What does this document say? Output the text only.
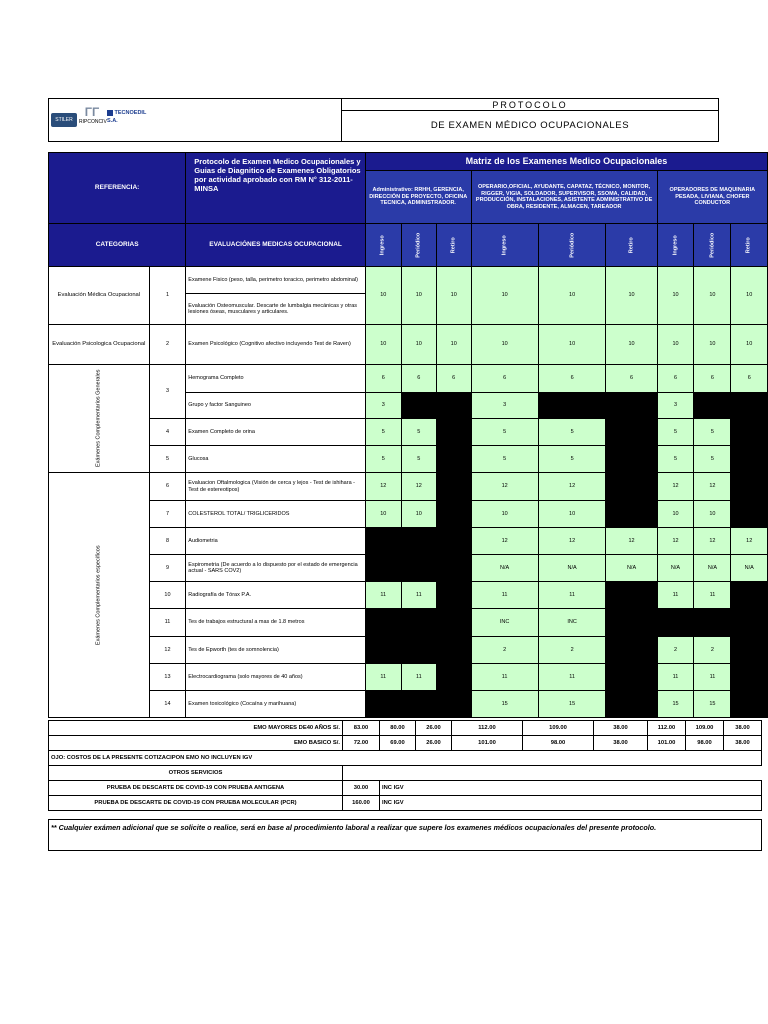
STILER
ΓΓ
RIPCONCIV
TECNOEDIL S.A.
PROTOCOLO
DE EXAMEN MÉDICO OCUPACIONALES
REFERENCIA:		Protocolo de Examen Medico Ocupacionales y Guias de Diagnitico de Examenes Obligatorios por actividad aprobado con RM N° 312-2011-MINSA	Matriz de los Examenes Medico Ocupacionales								
			Administrativo: RRHH, GERENCIA, DIRECCIÓN DE PROYECTO, OFICINA TECNICA, ADMINISTRADOR.			OPERARIO,OFICIAL, AYUDANTE, CAPATAZ, TÉCNICO, MONITOR, RIGGER, VIGIA, SOLDADOR, SUPERVISOR, SSOMA, CALIDAD, PRODUCCIÓN, INSTALACIONES, ASISTENTE ADMINISTRATIVO DE OBRA, RESIDENTE, ALMACEN, TAREADOR			OPERADORES DE MAQUINARIA PESADA, LIVIANA, CHOFER CONDUCTOR		
CATEGORIAS		EVALUACIÓNES MEDICAS OCUPACIONAL	Ingreso	Periódico	Retiro	Ingreso	Periódico	Retiro	Ingreso	Periódico	Retiro
Evaluación Médica Ocupacional	1	Examene Fisico (peso, talla, perimetro toracico, perimetro abdominal)	10	10	10	10	10	10	10	10	10
		Evaluación Osteomuscular. Descarte de lumbalgia mecánicas y otras lesiones óseas, musculares y articulares.									
Evaluación Psicologica Ocupacional	2	Examen Psicológico (Cognitivo afectivo incluyendo Test de Raven)	10	10	10	10	10	10	10	10	10
Exámenes Complementarios Generales	3	Hemograma Completo	6	6	6	6	6	6	6	6	6
		Grupo y factor Sanguineo	3			3			3		
	4	Examen Completo de orina	5	5		5	5		5	5	
	5	Glucosa	5	5		5	5		5	5	
Exámenes Complementarios específicos	6	Evaluacion Oftalmologica (Visión de cerca y lejos - Test de ishihara - Test de estereotipos)	12	12		12	12		12	12	
	7	COLESTEROL TOTAL/ TRIGLICERIDOS	10	10		10	10		10	10	
	8	Audiometria				12	12	12	12	12	12
	9	Espirometria (De acuerdo a lo dispuesto por el estado de emergencia actual - SARS COV2)				N/A	N/A	N/A	N/A	N/A	N/A
	10	Radiografía de Tórax P.A.	11	11		11	11		11	11	
	11	Tes de trabajos estructural a mas de 1.8 metros				INC	INC				
	12	Tes de Epworth (tes de somnolencia)				2	2		2	2	
	13	Electrocardiograma (solo mayores de 40 años)	11	11		11	11		11	11	
	14	Examen toxicológico (Cocaína y marihuana)				15	15		15	15	
EMO MAYORES DE40 AÑOS S/.	83.00	80.00	26.00	112.00	109.00	38.00	112.00	109.00	38.00
EMO BASICO S/.	72.00	69.00	26.00	101.00	98.00	38.00	101.00	98.00	38.00
OJO: COSTOS DE LA PRESENTE COTIZACIPON EMO NO INCLUYEN IGV									
OTROS SERVICIOS									
PRUEBA DE DESCARTE DE COVID-19 CON PRUEBA ANTIGENA	30.00	INC IGV							
PRUEBA DE DESCARTE DE COVID-19 CON PRUEBA MOLECULAR (PCR)	160.00	INC IGV							

** Cualquier exámen adicional que se solicite o realice, será en base al procedimiento laboral a realizar que supere los examenes médicos ocupacionales del presente protocolo.									
